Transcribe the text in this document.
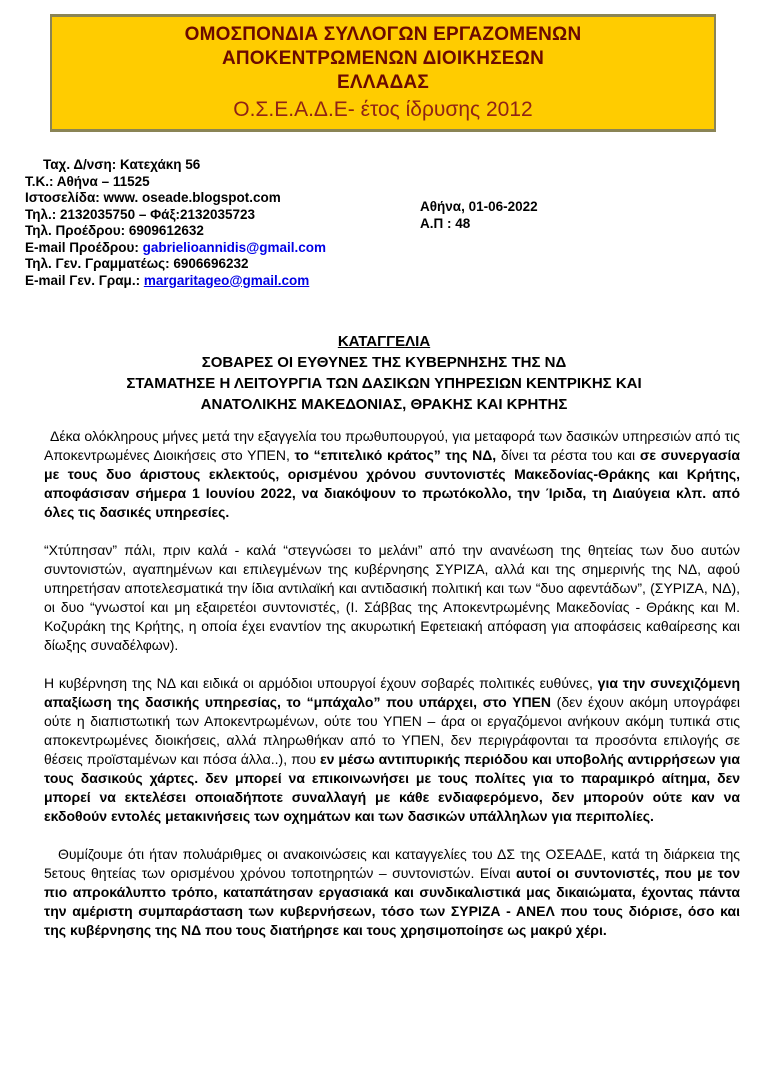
ΟΜΟΣΠΟΝΔΙΑ ΣΥΛΛΟΓΩΝ ΕΡΓΑΖΟΜΕΝΩΝ
ΑΠΟΚΕΝΤΡΩΜΕΝΩΝ ΔΙΟΙΚΗΣΕΩΝ
ΕΛΛΑΔΑΣ
Ο.Σ.Ε.Α.Δ.Ε- έτος ίδρυσης 2012
Ταχ. Δ/νση: Κατεχάκη 56
Τ.Κ.: Αθήνα – 11525
Ιστοσελίδα: www. oseade.blogspot.com
Τηλ.: 2132035750 – Φάξ:2132035723
Τηλ. Προέδρου: 6909612632
E-mail Προέδρου: gabrielioannidis@gmail.com
Τηλ. Γεν. Γραμματέως: 6906696232
E-mail Γεν. Γραμ.: margaritageo@gmail.com
Αθήνα, 01-06-2022
Α.Π : 48
ΚΑΤΑΓΓΕΛΙΑ
ΣΟΒΑΡΕΣ ΟΙ ΕΥΘΥΝΕΣ ΤΗΣ ΚΥΒΕΡΝΗΣΗΣ ΤΗΣ ΝΔ
ΣΤΑΜΑΤΗΣΕ Η ΛΕΙΤΟΥΡΓΙΑ ΤΩΝ ΔΑΣΙΚΩΝ ΥΠΗΡΕΣΙΩΝ ΚΕΝΤΡΙΚΗΣ ΚΑΙ
ΑΝΑΤΟΛΙΚΗΣ ΜΑΚΕΔΟΝΙΑΣ, ΘΡΑΚΗΣ ΚΑΙ ΚΡΗΤΗΣ

Δέκα ολόκληρους μήνες μετά την εξαγγελία του πρωθυπουργού, για μεταφορά των δασικών υπηρεσιών από τις Αποκεντρωμένες Διοικήσεις στο ΥΠΕΝ, το “επιτελικό κράτος” της ΝΔ, δίνει τα ρέστα του και σε συνεργασία με τους δυο άριστους εκλεκτούς, ορισμένου χρόνου συντονιστές Μακεδονίας-Θράκης και Κρήτης, αποφάσισαν σήμερα 1 Ιουνίου 2022, να διακόψουν το πρωτόκολλο, την Ίριδα, τη Διαύγεια κλπ. από όλες τις δασικές υπηρεσίες.

“Χτύπησαν” πάλι, πριν καλά - καλά “στεγνώσει το μελάνι” από την ανανέωση της θητείας των δυο αυτών συντονιστών, αγαπημένων και επιλεγμένων της κυβέρνησης ΣΥΡΙΖΑ, αλλά και της σημερινής της ΝΔ, αφού υπηρετήσαν αποτελεσματικά την ίδια αντιλαϊκή και αντιδασική πολιτική και των “δυο αφεντάδων”, (ΣΥΡΙΖΑ, ΝΔ), οι δυο “γνωστοί και μη εξαιρετέοι συντονιστές, (Ι. Σάββας της Αποκεντρωμένης Μακεδονίας - Θράκης και Μ. Κοζυράκη της Κρήτης, η οποία έχει εναντίον της ακυρωτική Εφετειακή απόφαση για αποφάσεις καθαίρεσης και δίωξης συναδέλφων).

Η κυβέρνηση της ΝΔ και ειδικά οι αρμόδιοι υπουργοί έχουν σοβαρές πολιτικές ευθύνες, για την συνεχιζόμενη απαξίωση της δασικής υπηρεσίας, το “μπάχαλο” που υπάρχει, στο ΥΠΕΝ (δεν έχουν ακόμη υπογράφει ούτε η διαπιστωτική των Αποκεντρωμένων, ούτε του ΥΠΕΝ – άρα οι εργαζόμενοι ανήκουν ακόμη τυπικά στις αποκεντρωμένες διοικήσεις, αλλά πληρωθήκαν από το ΥΠΕΝ, δεν περιγράφονται τα προσόντα επιλογής σε θέσεις προϊσταμένων και πόσα άλλα..), που εν μέσω αντιπυρικής περιόδου και υποβολής αντιρρήσεων για τους δασικούς χάρτες. δεν μπορεί να επικοινωνήσει με τους πολίτες για το παραμικρό αίτημα, δεν μπορεί να εκτελέσει οποιαδήποτε συναλλαγή με κάθε ενδιαφερόμενο, δεν μπορούν ούτε καν να εκδοθούν εντολές μετακινήσεις των οχημάτων και των δασικών υπάλληλων για περιπολίες.

Θυμίζουμε ότι ήταν πολυάριθμες οι ανακοινώσεις και καταγγελίες του ΔΣ της ΟΣΕΑΔΕ, κατά τη διάρκεια της 5ετους θητείας των ορισμένου χρόνου τοποτηρητών – συντονιστών. Είναι αυτοί οι συντονιστές, που με τον πιο απροκάλυπτο τρόπο, καταπάτησαν εργασιακά και συνδικαλιστικά μας δικαιώματα, έχοντας πάντα την αμέριστη συμπαράσταση των κυβερνήσεων, τόσο των ΣΥΡΙΖΑ - ΑΝΕΛ που τους διόρισε, όσο και της κυβέρνησης της ΝΔ που τους διατήρησε και τους χρησιμοποίησε ως μακρύ χέρι.
